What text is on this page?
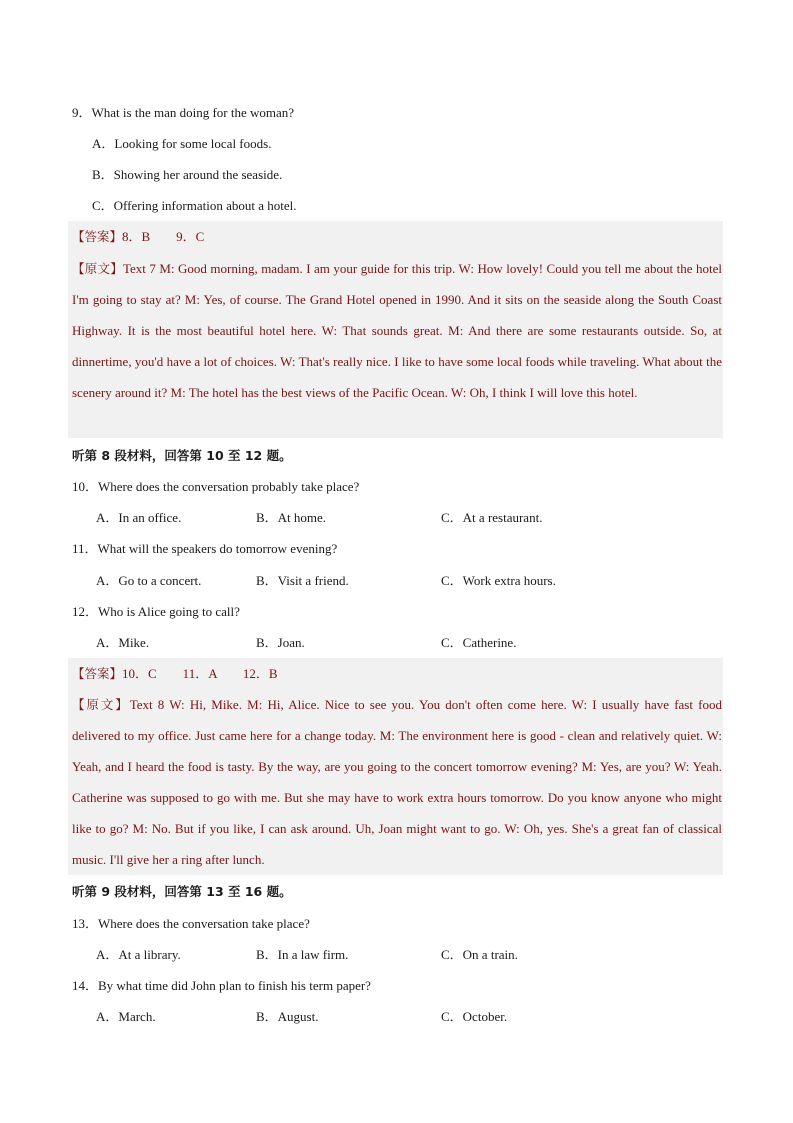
9．What is the man doing for the woman?
A．Looking for some local foods.
B．Showing her around the seaside.
C．Offering information about a hotel.
【答案】8．B　　9．C
【原文】Text 7 M: Good morning, madam. I am your guide for this trip. W: How lovely! Could you tell me about the hotel I'm going to stay at? M: Yes, of course. The Grand Hotel opened in 1990. And it sits on the seaside along the South Coast Highway. It is the most beautiful hotel here. W: That sounds great. M: And there are some restaurants outside. So, at dinnertime, you'd have a lot of choices. W: That's really nice. I like to have some local foods while traveling. What about the scenery around it? M: The hotel has the best views of the Pacific Ocean. W: Oh, I think I will love this hotel.
听第 8 段材料，回答第 10 至 12 题。
10．Where does the conversation probably take place?
A．In an office.	B．At home.	C．At a restaurant.
11．What will the speakers do tomorrow evening?
A．Go to a concert.	B．Visit a friend.	C．Work extra hours.
12．Who is Alice going to call?
A．Mike.	B．Joan.	C．Catherine.
【答案】10．C　　11．A　　12．B
【原文】Text 8 W: Hi, Mike. M: Hi, Alice. Nice to see you. You don't often come here. W: I usually have fast food delivered to my office. Just came here for a change today. M: The environment here is good - clean and relatively quiet. W: Yeah, and I heard the food is tasty. By the way, are you going to the concert tomorrow evening? M: Yes, are you? W: Yeah. Catherine was supposed to go with me. But she may have to work extra hours tomorrow. Do you know anyone who might like to go? M: No. But if you like, I can ask around. Uh, Joan might want to go. W: Oh, yes. She's a great fan of classical music. I'll give her a ring after lunch.
听第 9 段材料，回答第 13 至 16 题。
13．Where does the conversation take place?
A．At a library.	B．In a law firm.	C．On a train.
14．By what time did John plan to finish his term paper?
A．March.	B．August.	C．October.
